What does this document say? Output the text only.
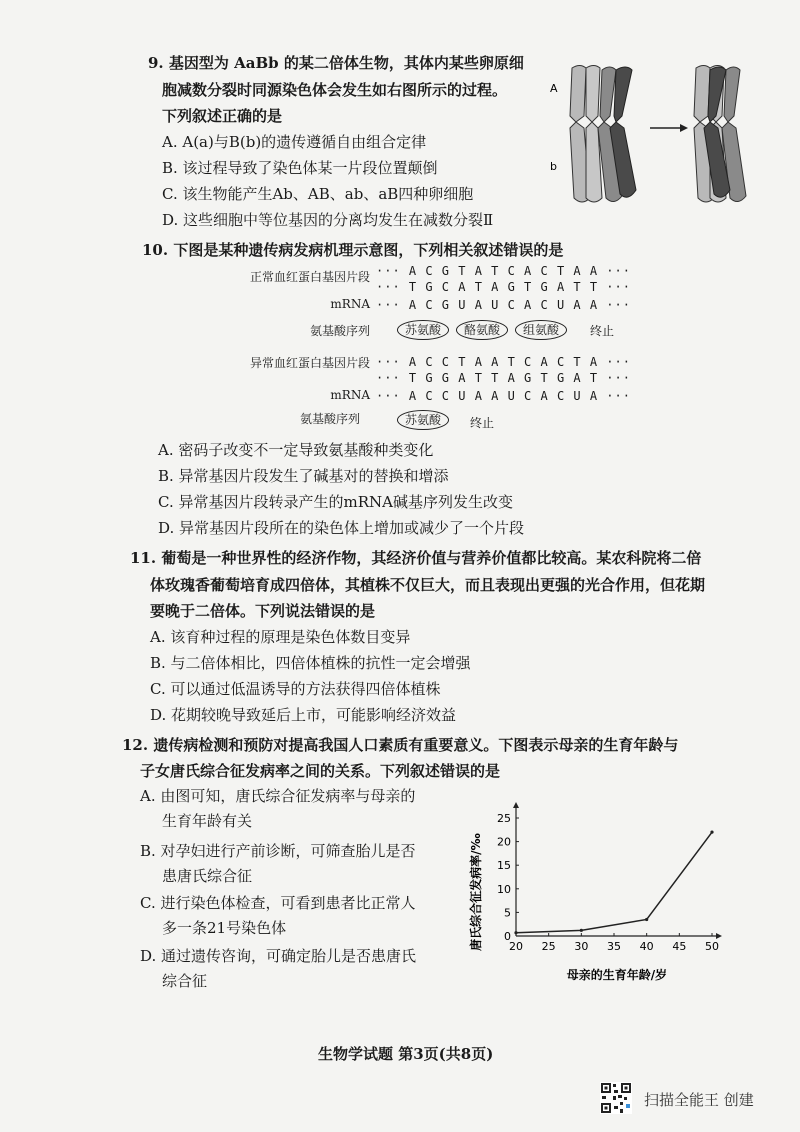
9. 基因型为 AaBb 的某二倍体生物，其体内某些卵原细
胞减数分裂时同源染色体会发生如右图所示的过程。
下列叙述正确的是
A. A(a)与B(b)的遗传遵循自由组合定律
B. 该过程导致了染色体某一片段位置颠倒
C. 该生物能产生Ab、AB、ab、aB四种卵细胞
D. 这些细胞中等位基因的分离均发生在减数分裂Ⅱ
A
b
10. 下图是某种遗传病发病机理示意图，下列相关叙述错误的是
正常血红蛋白基因片段 ··· A C G T A T C A C T A A ···
··· T G C A T A G T G A T T ···
mRNA ··· A C G U A U C A C U A A ···
氨基酸序列	苏氨酸	酪氨酸	组氨酸	终止
异常血红蛋白基因片段 ··· A C C T A A T C A C T A ···
··· T G G A T T A G T G A T ···
mRNA ··· A C C U A A U C A C U A ···
氨基酸序列	苏氨酸	终止
A. 密码子改变不一定导致氨基酸种类变化
B. 异常基因片段发生了碱基对的替换和增添
C. 异常基因片段转录产生的mRNA碱基序列发生改变
D. 异常基因片段所在的染色体上增加或减少了一个片段
11. 葡萄是一种世界性的经济作物，其经济价值与营养价值都比较高。某农科院将二倍
体玫瑰香葡萄培育成四倍体，其植株不仅巨大，而且表现出更强的光合作用，但花期
要晚于二倍体。下列说法错误的是
A. 该育种过程的原理是染色体数目变异
B. 与二倍体相比，四倍体植株的抗性一定会增强
C. 可以通过低温诱导的方法获得四倍体植株
D. 花期较晚导致延后上市，可能影响经济效益
12. 遗传病检测和预防对提高我国人口素质有重要意义。下图表示母亲的生育年龄与
子女唐氏综合征发病率之间的关系。下列叙述错误的是
A. 由图可知，唐氏综合征发病率与母亲的
生育年龄有关
B. 对孕妇进行产前诊断，可筛查胎儿是否
患唐氏综合征
C. 进行染色体检查，可看到患者比正常人
多一条21号染色体
D. 通过遗传咨询，可确定胎儿是否患唐氏
综合征
20 25 30 35 40 45 50
0
5
10
15
20
25
唐氏综合征发病率/‰
母亲的生育年龄/岁
生物学试题 第3页(共8页)
扫描全能王 创建
